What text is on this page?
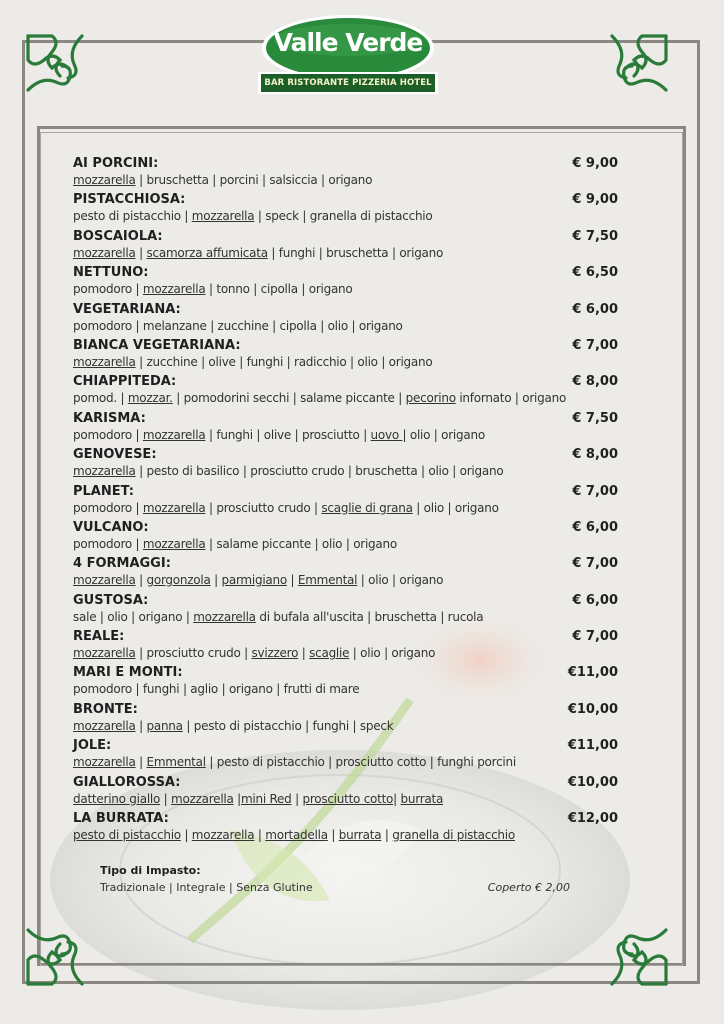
Valle Verde
BAR RISTORANTE PIZZERIA HOTEL
AI PORCINI:	€ 9,00
mozzarella | bruschetta | porcini | salsiccia | origano
PISTACCHIOSA:	€ 9,00
pesto di pistacchio | mozzarella | speck | granella di pistacchio
BOSCAIOLA:	€ 7,50
mozzarella | scamorza affumicata | funghi | bruschetta | origano
NETTUNO:	€ 6,50
pomodoro | mozzarella | tonno | cipolla | origano
VEGETARIANA:	€ 6,00
pomodoro | melanzane | zucchine | cipolla | olio | origano
BIANCA VEGETARIANA:	€ 7,00
mozzarella | zucchine | olive | funghi | radicchio | olio | origano
CHIAPPITEDA:	€ 8,00
pomod. | mozzar. | pomodorini secchi | salame piccante | pecorino infornato | origano
KARISMA:	€ 7,50
pomodoro | mozzarella | funghi | olive | prosciutto | uovo | olio | origano
GENOVESE:	€ 8,00
mozzarella | pesto di basilico | prosciutto crudo | bruschetta | olio | origano
PLANET:	€ 7,00
pomodoro | mozzarella | prosciutto crudo | scaglie di grana | olio | origano
VULCANO:	€ 6,00
pomodoro | mozzarella | salame piccante | olio | origano
4 FORMAGGI:	€ 7,00
mozzarella | gorgonzola | parmigiano | Emmental | olio | origano
GUSTOSA:	€ 6,00
sale | olio | origano | mozzarella di bufala all'uscita | bruschetta | rucola
REALE:	€ 7,00
mozzarella | prosciutto crudo | svizzero | scaglie | olio | origano
MARI E MONTI:	€11,00
pomodoro | funghi | aglio | origano | frutti di mare
BRONTE:	€10,00
mozzarella | panna | pesto di pistacchio | funghi | speck
JOLE:	€11,00
mozzarella | Emmental | pesto di pistacchio | prosciutto cotto | funghi porcini
GIALLOROSSA:	€10,00
datterino giallo | mozzarella |mini Red | prosciutto cotto| burrata
LA BURRATA:	€12,00
pesto di pistacchio | mozzarella | mortadella | burrata | granella di pistacchio
Tipo di Impasto:
Tradizionale | Integrale | Senza Glutine	Coperto € 2,00
